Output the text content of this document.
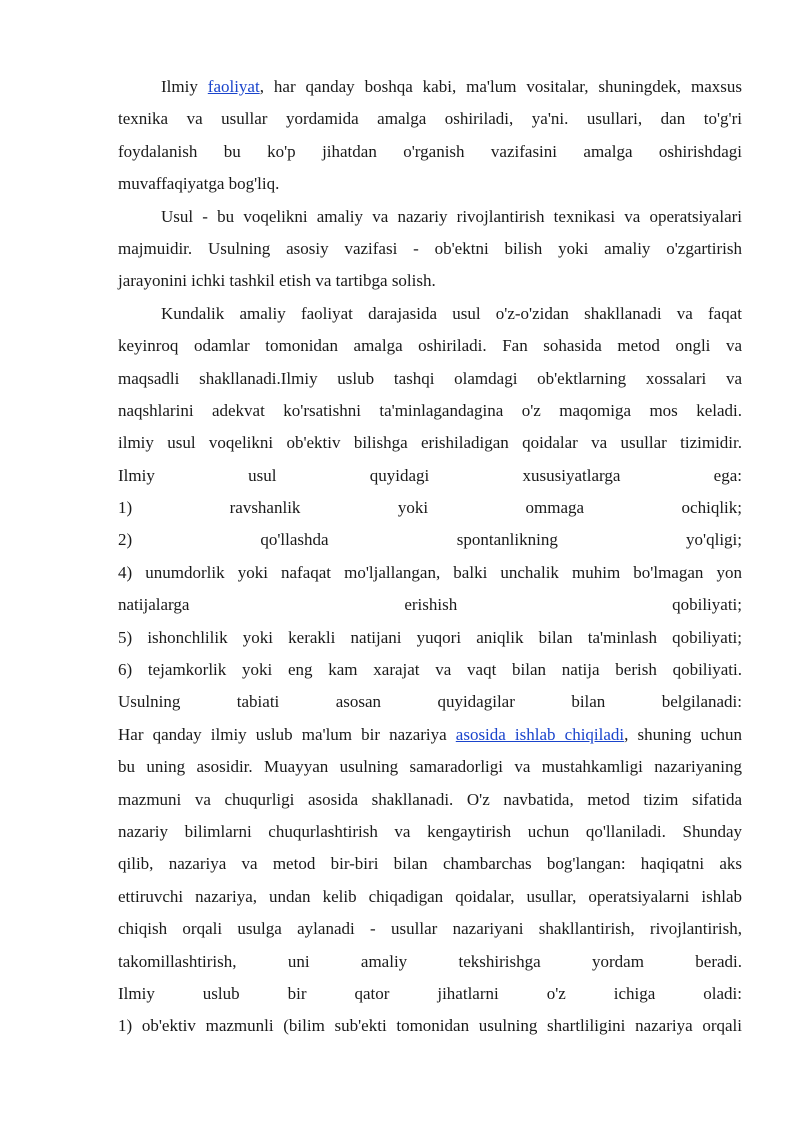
Ilmiy faoliyat, har qanday boshqa kabi, ma'lum vositalar, shuningdek, maxsus
texnika va usullar yordamida amalga oshiriladi, ya'ni. usullari, dan to'g'ri
foydalanish bu ko'p jihatdan o'rganish vazifasini amalga oshirishdagi
muvaffaqiyatga bog'liq.
Usul - bu voqelikni amaliy va nazariy rivojlantirish texnikasi va operatsiyalari
majmuidir. Usulning asosiy vazifasi - ob'ektni bilish yoki amaliy o'zgartirish
jarayonini ichki tashkil etish va tartibga solish.
Kundalik amaliy faoliyat darajasida usul o'z-o'zidan shakllanadi va faqat
keyinroq odamlar tomonidan amalga oshiriladi. Fan sohasida metod ongli va
maqsadli shakllanadi.Ilmiy uslub tashqi olamdagi ob'ektlarning xossalari va
naqshlarini adekvat ko'rsatishni ta'minlagandagina o'z maqomiga mos keladi.
ilmiy usul voqelikni ob'ektiv bilishga erishiladigan qoidalar va usullar tizimidir.
Ilmiy usul quyidagi xususiyatlarga ega:
1) ravshanlik yoki ommaga ochiqlik;
2) qo'llashda spontanlikning yo'qligi;
4) unumdorlik yoki nafaqat mo'ljallangan, balki unchalik muhim bo'lmagan yon
natijalarga erishish qobiliyati;
5) ishonchlilik yoki kerakli natijani yuqori aniqlik bilan ta'minlash qobiliyati;
6) tejamkorlik yoki eng kam xarajat va vaqt bilan natija berish qobiliyati.
Usulning tabiati asosan quyidagilar bilan belgilanadi:
Har qanday ilmiy uslub ma'lum bir nazariya asosida ishlab chiqiladi, shuning uchun
bu uning asosidir. Muayyan usulning samaradorligi va mustahkamligi nazariyaning
mazmuni va chuqurligi asosida shakllanadi. O'z navbatida, metod tizim sifatida
nazariy bilimlarni chuqurlashtirish va kengaytirish uchun qo'llaniladi. Shunday
qilib, nazariya va metod bir-biri bilan chambarchas bog'langan: haqiqatni aks
ettiruvchi nazariya, undan kelib chiqadigan qoidalar, usullar, operatsiyalarni ishlab
chiqish orqali usulga aylanadi - usullar nazariyani shakllantirish, rivojlantirish,
takomillashtirish, uni amaliy tekshirishga yordam beradi.
Ilmiy uslub bir qator jihatlarni o'z ichiga oladi:
1) ob'ektiv mazmunli (bilim sub'ekti tomonidan usulning shartliligini nazariya orqali
